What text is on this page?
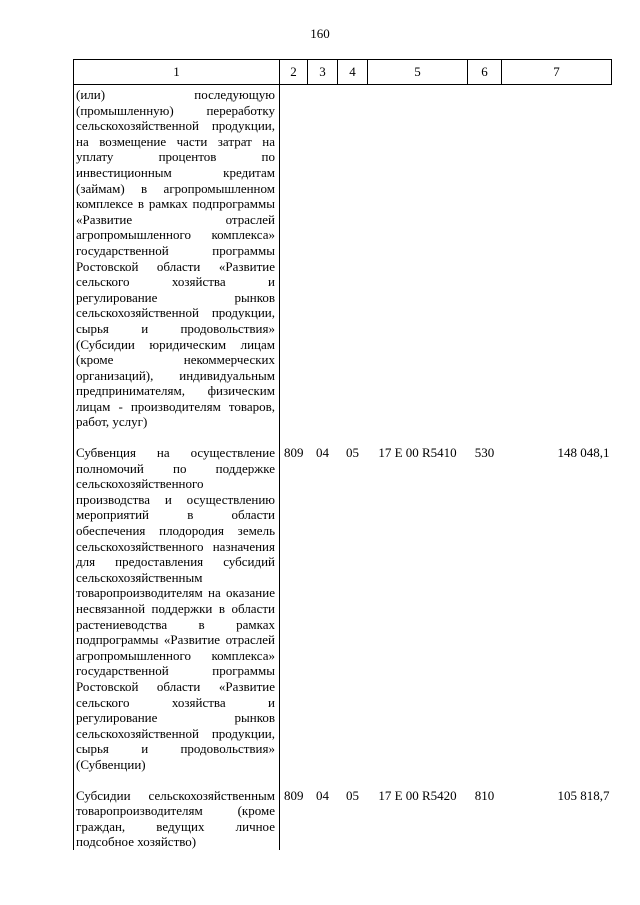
160
1	2	3	4	5	6	7
(или) последующую (промышленную) переработку сельскохозяйственной продукции, на возмещение части затрат на уплату процентов по инвестиционным кредитам (займам) в агропромышленном комплексе в рамках подпрограммы «Развитие отраслей агропромышленного комплекса» государственной программы Ростовской области «Развитие сельского хозяйства и регулирование рынков сельскохозяйственной продукции, сырья и продовольствия» (Субсидии юридическим лицам (кроме некоммерческих организаций), индивидуальным предпринимателям, физическим лицам - производителям товаров, работ, услуг)						

Субвенция на осуществление полномочий по поддержке сельскохозяйственного производства и осуществлению мероприятий в области обеспечения плодородия земель сельскохозяйственного назначения для предоставления субсидий сельскохозяйственным товаропроизводителям на оказание несвязанной поддержки в области растениеводства в рамках подпрограммы «Развитие отраслей агропромышленного комплекса» государственной программы Ростовской области «Развитие сельского хозяйства и регулирование рынков сельскохозяйственной продукции, сырья и продовольствия» (Субвенции)	809	04	05	17 Е 00 R5410	530	148 048,1

Субсидии сельскохозяйственным товаропроизводителям (кроме граждан, ведущих личное подсобное хозяйство)	809	04	05	17 Е 00 R5420	810	105 818,7
